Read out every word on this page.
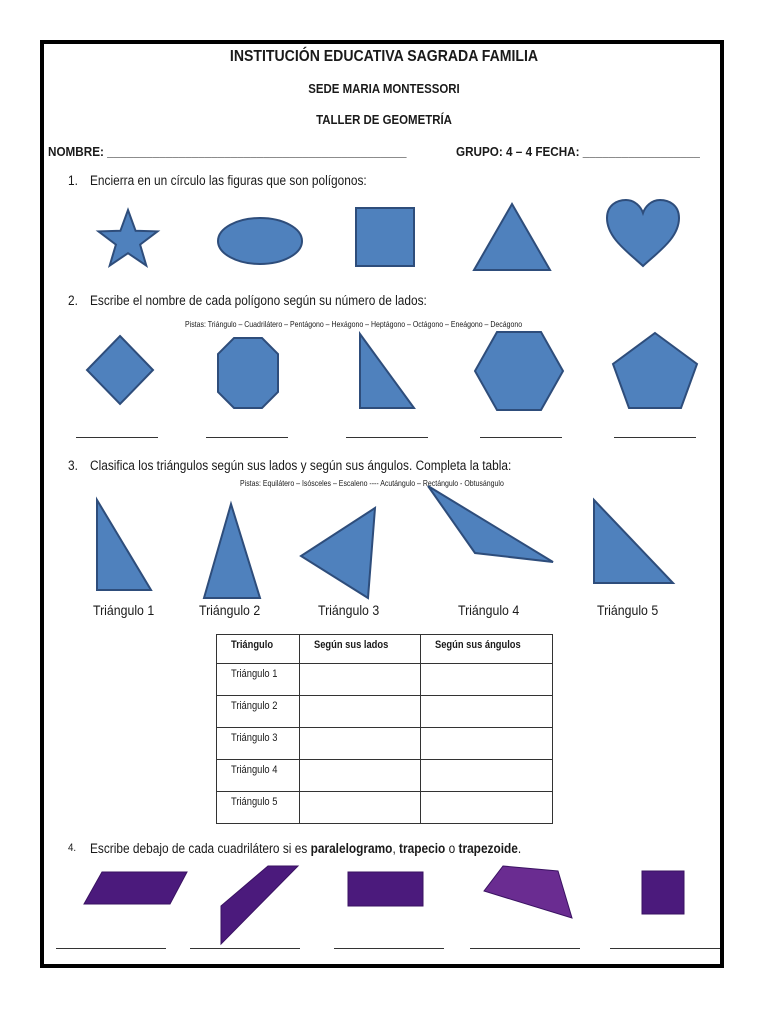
INSTITUCIÓN EDUCATIVA SAGRADA FAMILIA
SEDE MARIA MONTESSORI
TALLER DE GEOMETRÍA
NOMBRE: ______________________________________________	GRUPO: 4 – 4 FECHA: __________________
1. Encierra en un círculo las figuras que son polígonos:
2. Escribe el nombre de cada polígono según su número de lados:
Pistas: Triángulo – Cuadrilátero – Pentágono – Hexágono – Heptágono – Octágono – Eneágono – Decágono
3. Clasifica los triángulos según sus lados y según sus ángulos. Completa la tabla:
Pistas: Equilátero – Isósceles – Escaleno ---- Acutángulo – Rectángulo - Obtusángulo
Triángulo 1	Triángulo 2	Triángulo 3	Triángulo 4	Triángulo 5
Triángulo	Según sus lados	Según sus ángulos
Triángulo 1		
Triángulo 2		
Triángulo 3		
Triángulo 4		
Triángulo 5		
4. Escribe debajo de cada cuadrilátero si es paralelogramo, trapecio o trapezoide.
